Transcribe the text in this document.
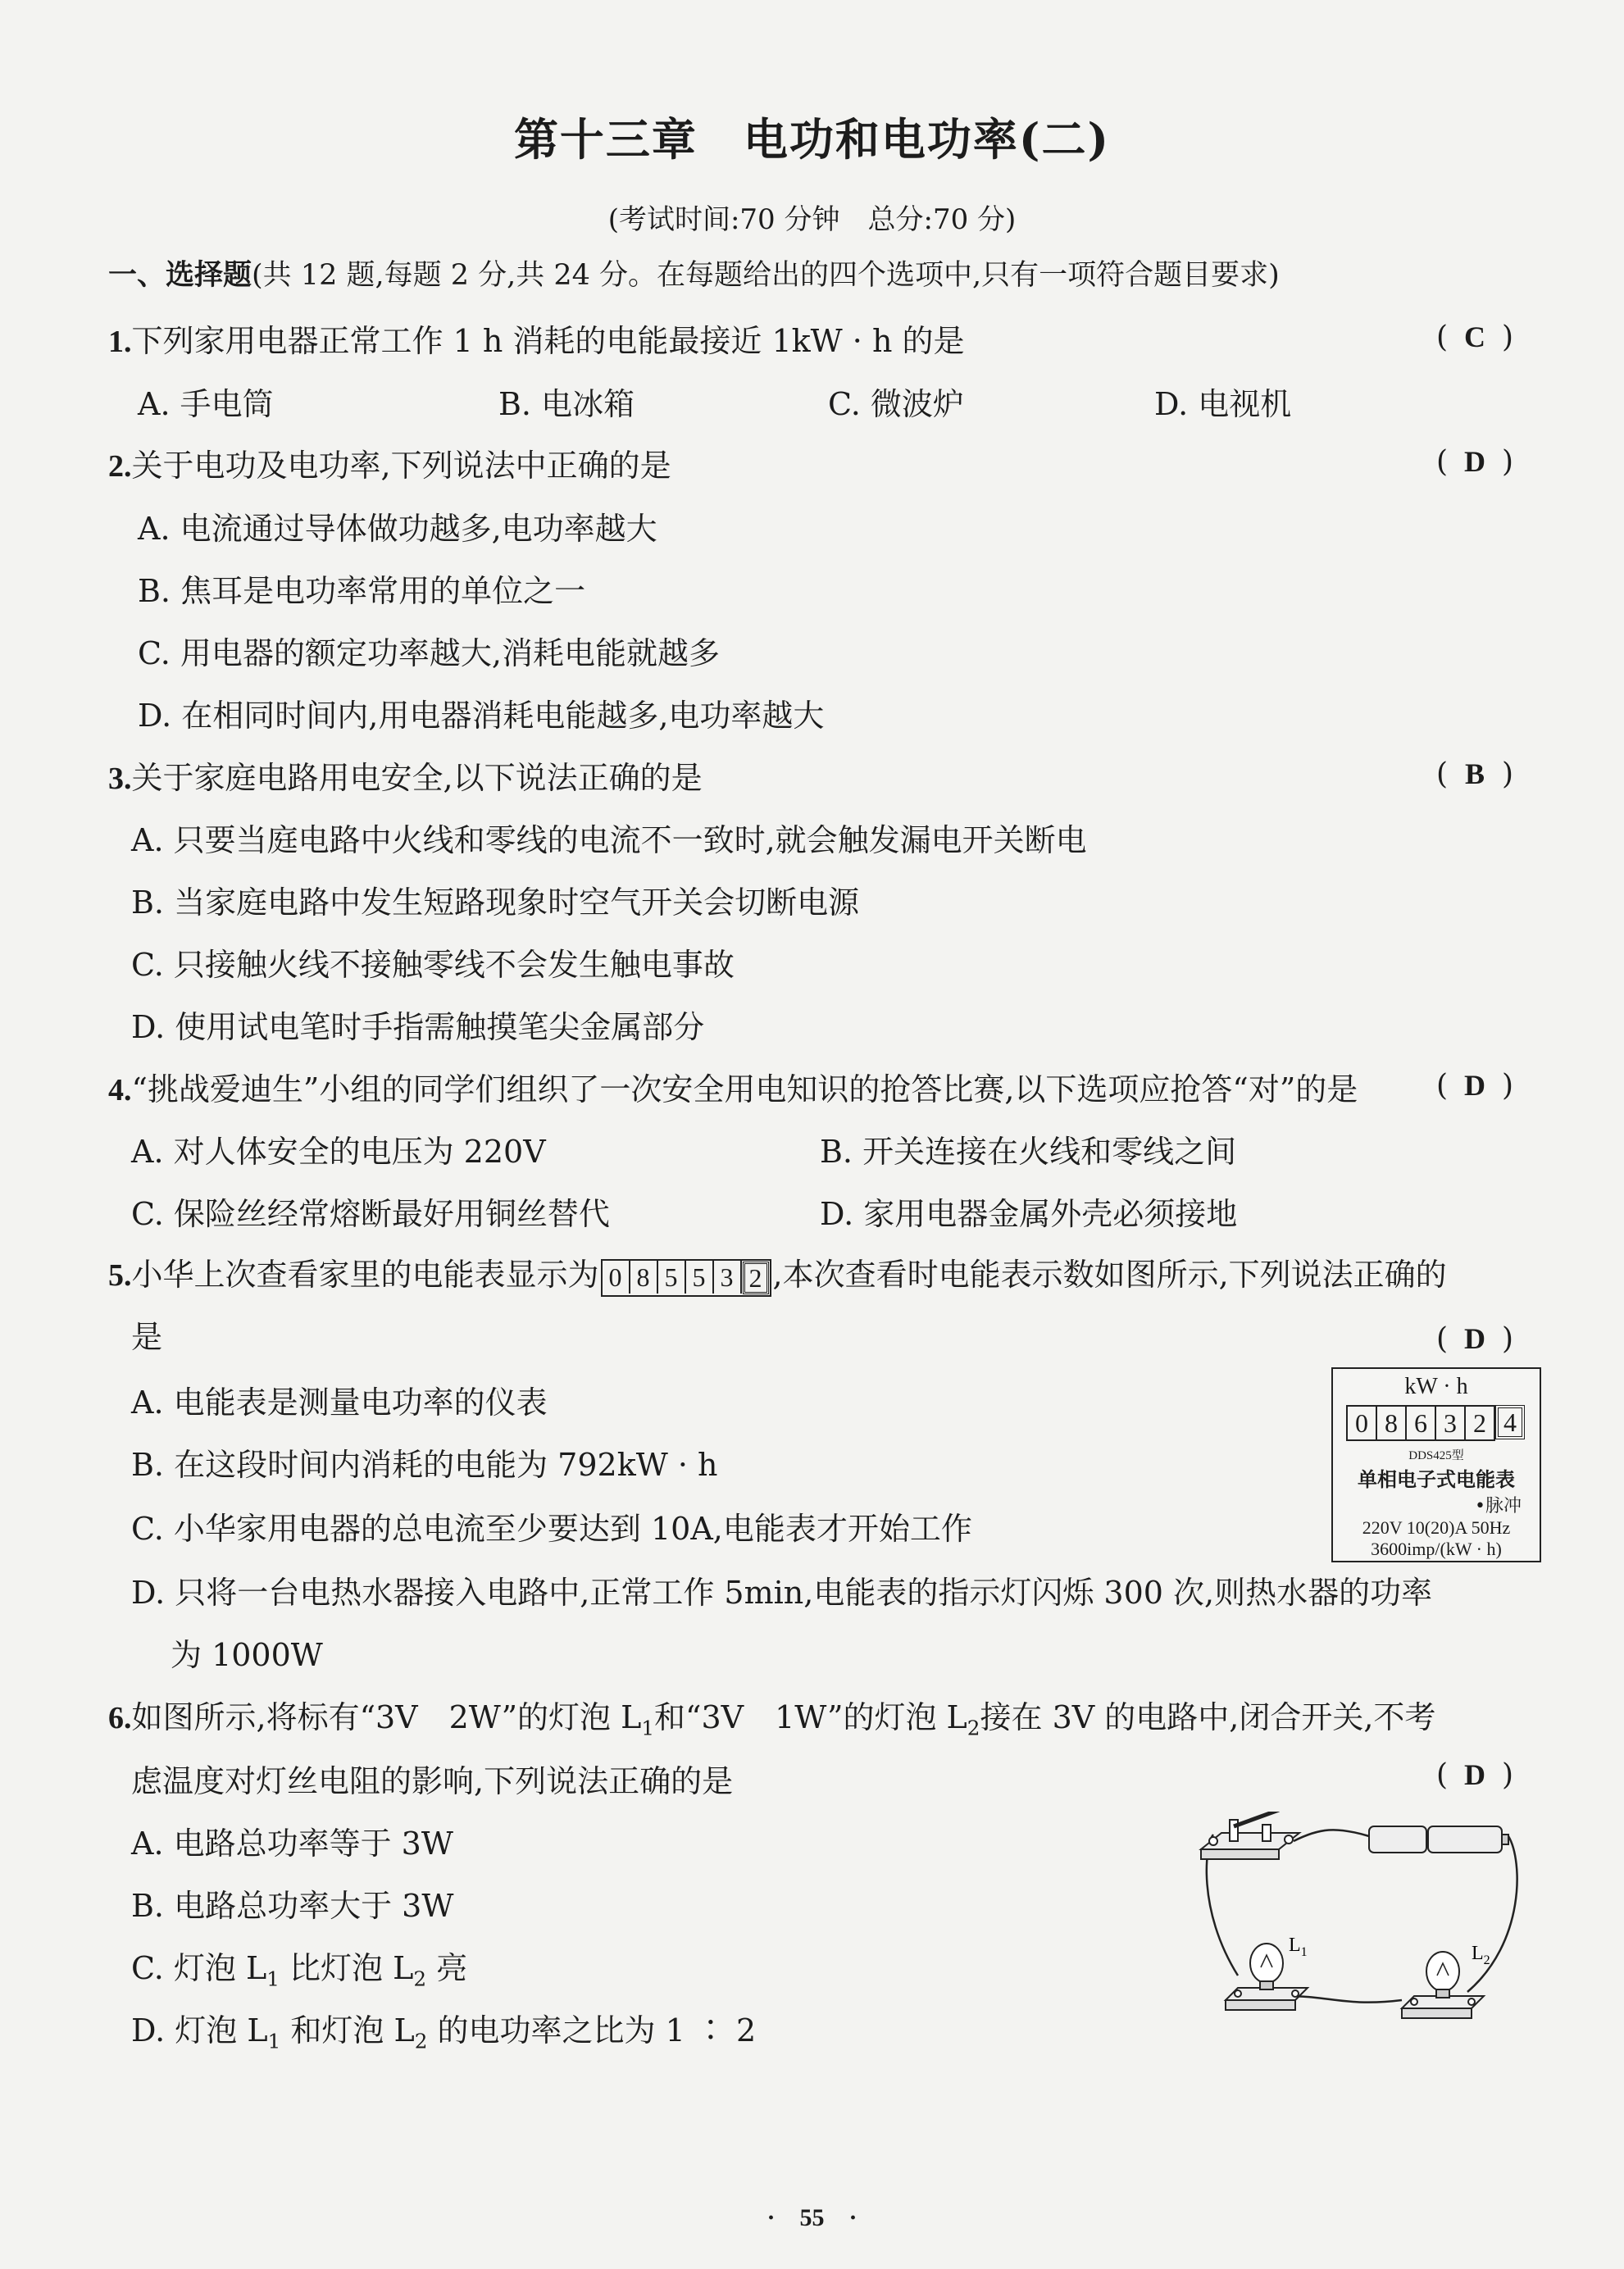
第十三章　电功和电功率(二)
(考试时间:70 分钟　总分:70 分)
一、选择题(共 12 题,每题 2 分,共 24 分。在每题给出的四个选项中,只有一项符合题目要求)
1.下列家用电器正常工作 1 h 消耗的电能最接近 1kW · h 的是	( C )
A. 手电筒	B. 电冰箱	C. 微波炉	D. 电视机
2.关于电功及电功率,下列说法中正确的是	( D )
A. 电流通过导体做功越多,电功率越大
B. 焦耳是电功率常用的单位之一
C. 用电器的额定功率越大,消耗电能就越多
D. 在相同时间内,用电器消耗电能越多,电功率越大
3.关于家庭电路用电安全,以下说法正确的是	( B )
A. 只要当庭电路中火线和零线的电流不一致时,就会触发漏电开关断电
B. 当家庭电路中发生短路现象时空气开关会切断电源
C. 只接触火线不接触零线不会发生触电事故
D. 使用试电笔时手指需触摸笔尖金属部分
4.“挑战爱迪生”小组的同学们组织了一次安全用电知识的抢答比赛,以下选项应抢答“对”的是	( D )
A. 对人体安全的电压为 220V	B. 开关连接在火线和零线之间
C. 保险丝经常熔断最好用铜丝替代	D. 家用电器金属外壳必须接地
5.小华上次查看家里的电能表显示为 0 8 5 5 3 2 ,本次查看时电能表示数如图所示,下列说法正确的
是	( D )
A. 电能表是测量电功率的仪表
B. 在这段时间内消耗的电能为 792kW · h
C. 小华家用电器的总电流至少要达到 10A,电能表才开始工作
D. 只将一台电热水器接入电路中,正常工作 5min,电能表的指示灯闪烁 300 次,则热水器的功率
为 1000W
kW · h
0 8 6 3 2 4
DDS425型
单相电子式电能表
•脉冲
220V 10(20)A 50Hz
3600imp/(kW · h)
6.如图所示,将标有“3V　2W”的灯泡 $L_1$和“3V　1W”的灯泡 $L_2$接在 3V 的电路中,闭合开关,不考
虑温度对灯丝电阻的影响,下列说法正确的是	( D )
A. 电路总功率等于 3W
B. 电路总功率大于 3W
C. 灯泡 $L_1$ 比灯泡 $L_2$ 亮
D. 灯泡 $L_1$ 和灯泡 $L_2$ 的电功率之比为 1 ∶ 2
$L_1$	$L_2$
·　55　·
